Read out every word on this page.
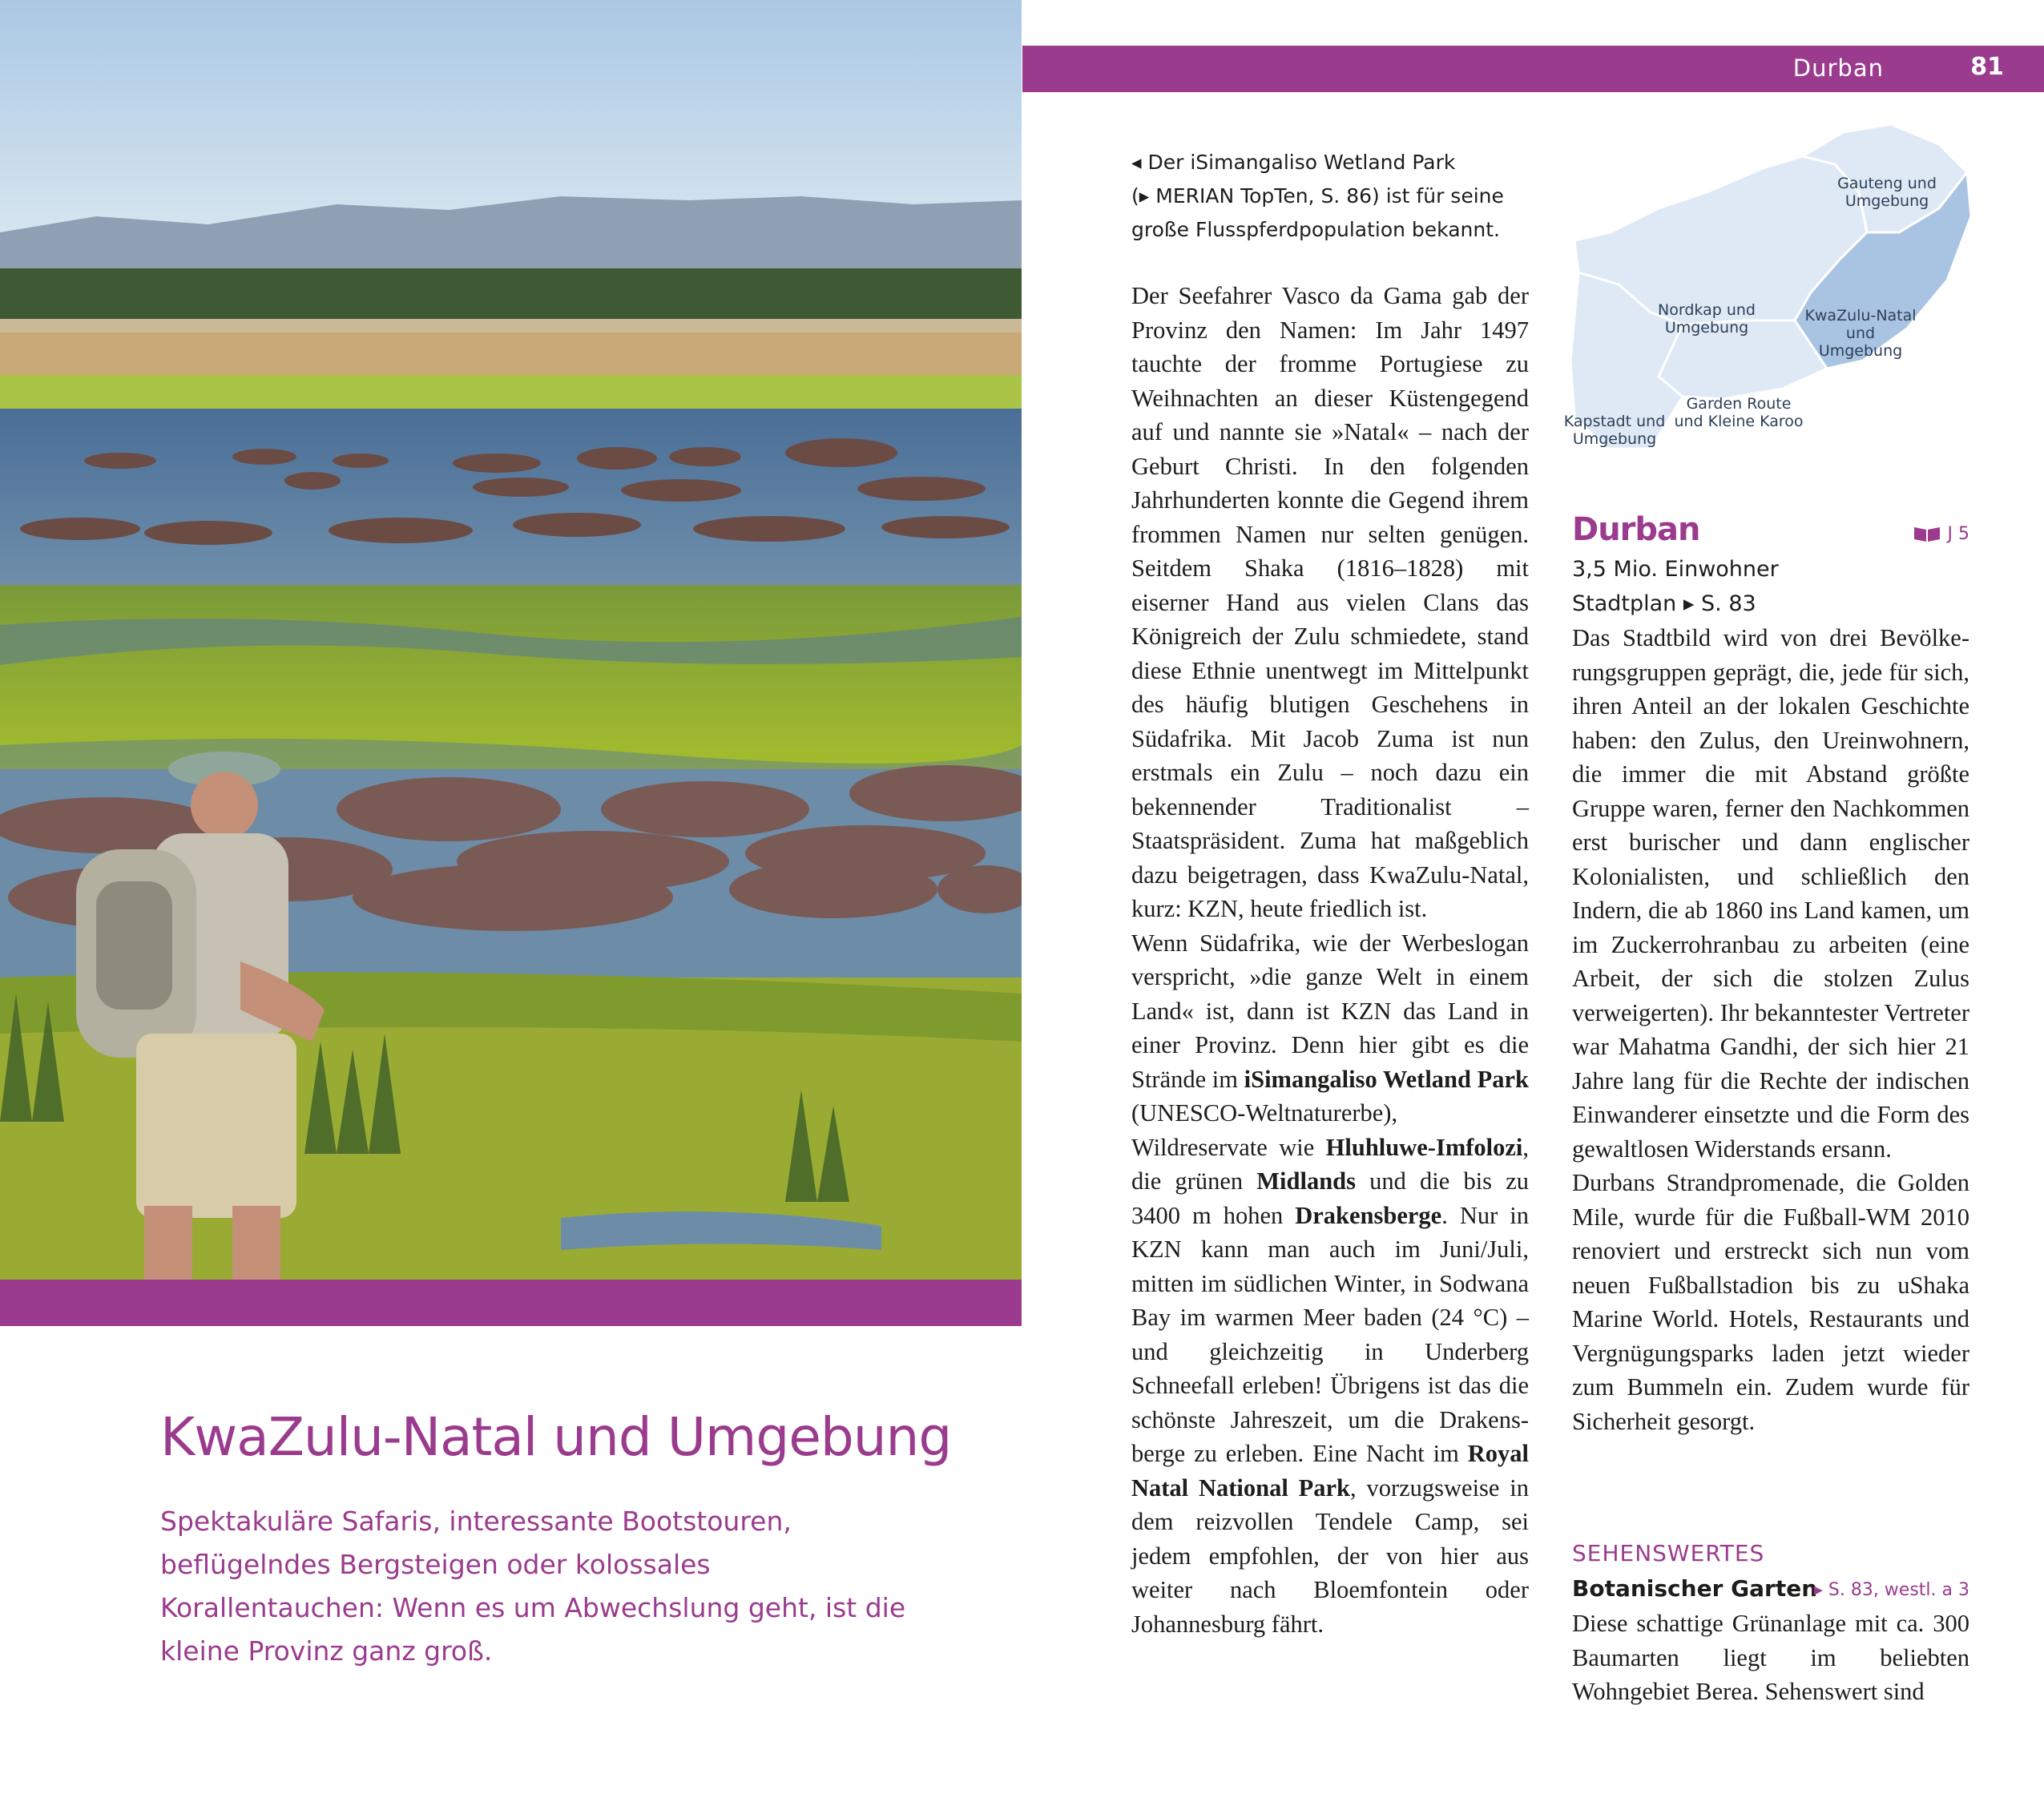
Durban	81
KwaZulu-Natal und Umgebung
Spektakuläre Safaris, interessante Bootstouren, beflügelndes Bergsteigen oder kolossales Korallentauchen: Wenn es um Abwechslung geht, ist die kleine Provinz ganz groß.
◂ Der iSimangaliso Wetland Park
(▸ MERIAN TopTen, S. 86) ist für seine
große Flusspferdpopulation bekannt.

Der Seefahrer Vasco da Gama gab der Provinz den Namen: Im Jahr 1497 tauchte der fromme Portugiese zu Weihnachten an dieser Küstengegend auf und nannte sie »Natal« – nach der Geburt Christi. In den folgenden Jahrhunderten konnte die Gegend ihrem frommen Namen nur selten genügen. Seitdem Shaka (1816–1828) mit eiserner Hand aus vielen Clans das Königreich der Zulu schmiedete, stand diese Ethnie unentwegt im Mittelpunkt des häufig blutigen Geschehens in Südafrika. Mit Jacob Zuma ist nun erstmals ein Zulu – noch dazu ein bekennender Traditionalist – Staatspräsident. Zuma hat maßgeblich dazu beigetragen, dass KwaZulu-Natal, kurz: KZN, heute friedlich ist.

Wenn Südafrika, wie der Werbeslogan verspricht, »die ganze Welt in einem Land« ist, dann ist KZN das Land in einer Provinz. Denn hier gibt es die Strände im iSimangaliso Wetland Park (UNESCO-Weltnaturerbe), Wildreservate wie Hluhluwe-Imfolozi, die grünen Midlands und die bis zu 3400 m hohen Drakensberge. Nur in KZN kann man auch im Juni/Juli, mitten im südlichen Winter, in Sodwana Bay im warmen Meer baden (24 °C) – und gleichzeitig in Underberg Schneefall erleben! Übrigens ist das die schönste Jahreszeit, um die Drakensberge zu erleben. Eine Nacht im Royal Natal National Park, vorzugsweise in dem reizvollen Tendele Camp, sei jedem empfohlen, der von hier aus weiter nach Bloemfontein oder Johannesburg fährt.

Gauteng und Umgebung
Nordkap und Umgebung
KwaZulu-Natal und Umgebung
Garden Route und Kleine Karoo
Kapstadt und Umgebung
Durban	J 5
3,5 Mio. Einwohner
Stadtplan ▸ S. 83

Das Stadtbild wird von drei Bevölkerungsgruppen geprägt, die, jede für sich, ihren Anteil an der lokalen Geschichte haben: den Zulus, den Ureinwohnern, die immer die mit Abstand größte Gruppe waren, ferner den Nachkommen erst burischer und dann englischer Kolonialisten, und schließlich den Indern, die ab 1860 ins Land kamen, um im Zuckerrohranbau zu arbeiten (eine Arbeit, der sich die stolzen Zulus verweigerten). Ihr bekanntester Vertreter war Mahatma Gandhi, der sich hier 21 Jahre lang für die Rechte der indischen Einwanderer einsetzte und die Form des gewaltlosen Widerstands ersann.

Durbans Strandpromenade, die Golden Mile, wurde für die Fußball-WM 2010 renoviert und erstreckt sich nun vom neuen Fußballstadion bis zu uShaka Marine World. Hotels, Restaurants und Vergnügungsparks laden jetzt wieder zum Bummeln ein. Zudem wurde für Sicherheit gesorgt.

SEHENSWERTES
Botanischer Garten
▸ S. 83, westl. a 3
Diese schattige Grünanlage mit ca. 300 Baumarten liegt im beliebten Wohngebiet Berea. Sehenswert sind
